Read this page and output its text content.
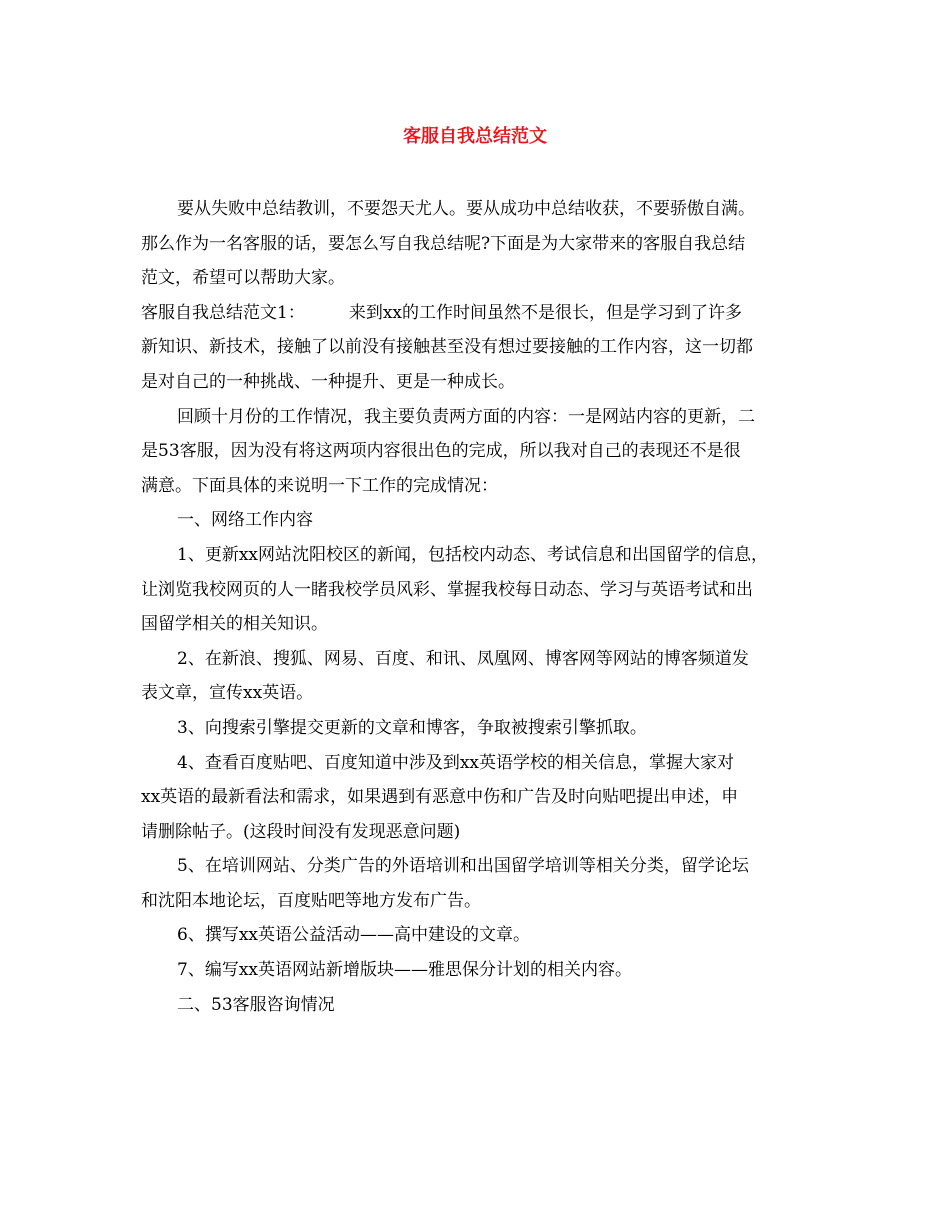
客服自我总结范文
要从失败中总结教训，不要怨天尤人。要从成功中总结收获，不要骄傲自满。
那么作为一名客服的话，要怎么写自我总结呢?下面是为大家带来的客服自我总结
范文，希望可以帮助大家。
客服自我总结范文1：	来到xx的工作时间虽然不是很长，但是学习到了许多
新知识、新技术，接触了以前没有接触甚至没有想过要接触的工作内容，这一切都
是对自己的一种挑战、一种提升、更是一种成长。
回顾十月份的工作情况，我主要负责两方面的内容：一是网站内容的更新，二
是53客服，因为没有将这两项内容很出色的完成，所以我对自己的表现还不是很
满意。下面具体的来说明一下工作的完成情况：
一、网络工作内容
1、更新xx网站沈阳校区的新闻，包括校内动态、考试信息和出国留学的信息，
让浏览我校网页的人一睹我校学员风彩、掌握我校每日动态、学习与英语考试和出
国留学相关的相关知识。
2、在新浪、搜狐、网易、百度、和讯、凤凰网、博客网等网站的博客频道发
表文章，宣传xx英语。
3、向搜索引擎提交更新的文章和博客，争取被搜索引擎抓取。
4、查看百度贴吧、百度知道中涉及到xx英语学校的相关信息，掌握大家对
xx英语的最新看法和需求，如果遇到有恶意中伤和广告及时向贴吧提出申述，申
请删除帖子。(这段时间没有发现恶意问题)
5、在培训网站、分类广告的外语培训和出国留学培训等相关分类，留学论坛
和沈阳本地论坛，百度贴吧等地方发布广告。
6、撰写xx英语公益活动——高中建设的文章。
7、编写xx英语网站新增版块——雅思保分计划的相关内容。
二、53客服咨询情况
